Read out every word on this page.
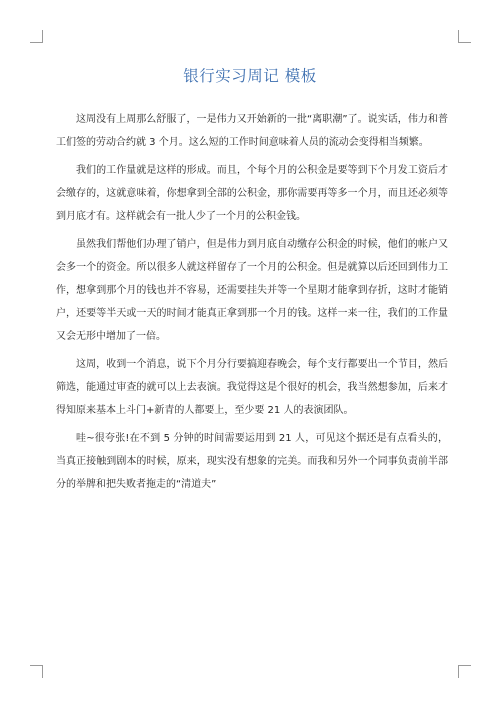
银行实习周记 模板

这周没有上周那么舒服了，一是伟力又开始新的一批“离职潮”了。说实话，伟力和普工们签的劳动合约就 3 个月。这么短的工作时间意味着人员的流动会变得相当频繁。

我们的工作量就是这样的形成。而且，个每个月的公积金是要等到下个月发工资后才会缴存的，这就意味着，你想拿到全部的公积金，那你需要再等多一个月，而且还必须等到月底才有。这样就会有一批人少了一个月的公积金钱。

虽然我们帮他们办理了销户，但是伟力到月底自动缴存公积金的时候，他们的帐户又会多一个的资金。所以很多人就这样留存了一个月的公积金。但是就算以后还回到伟力工作，想拿到那个月的钱也并不容易，还需要挂失并等一个星期才能拿到存折，这时才能销户，还要等半天或一天的时间才能真正拿到那一个月的钱。这样一来一往，我们的工作量又会无形中增加了一倍。

这周，收到一个消息，说下个月分行要搞迎春晚会，每个支行都要出一个节目，然后筛选，能通过审查的就可以上去表演。我觉得这是个很好的机会，我当然想参加，后来才得知原来基本上斗门+新青的人都要上，至少要 21 人的表演团队。

哇~很夸张!在不到 5 分钟的时间需要运用到 21 人，可见这个据还是有点看头的，当真正接触到剧本的时候，原来，现实没有想象的完美。而我和另外一个同事负责前半部分的举牌和把失败者拖走的“清道夫”
